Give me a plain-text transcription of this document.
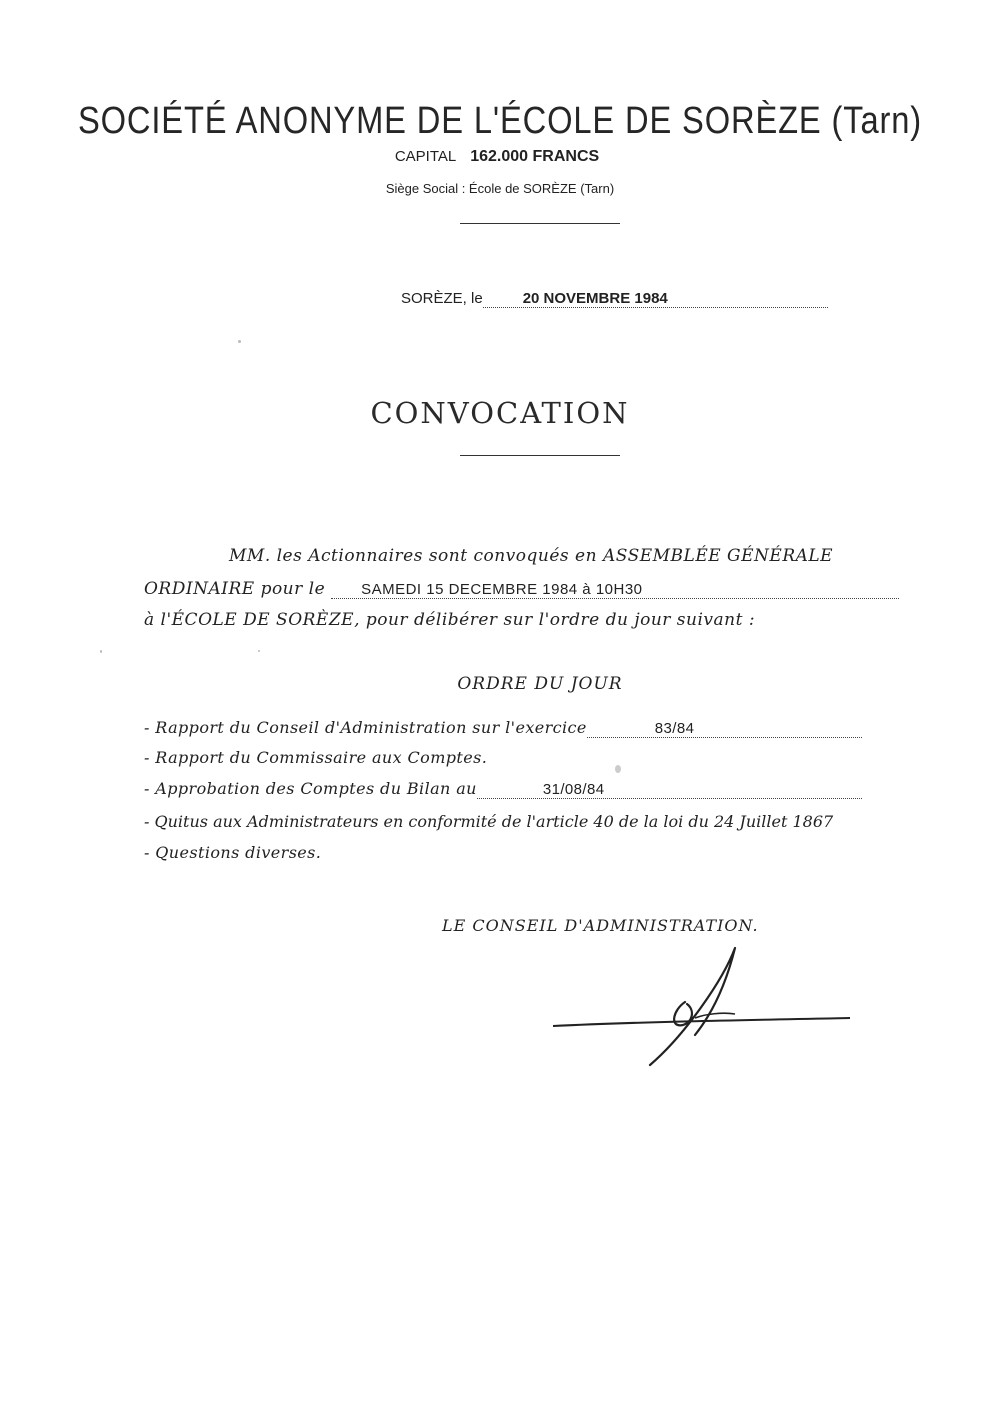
SOCIÉTÉ ANONYME DE L'ÉCOLE DE SORÈZE (Tarn)
CAPITAL 162.000 FRANCS
Siège Social : École de SORÈZE (Tarn)
SORÈZE, le	20 NOVEMBRE 1984
CONVOCATION
MM. les Actionnaires sont convoqués en ASSEMBLÉE GÉNÉRALE
ORDINAIRE pour le SAMEDI 15 DECEMBRE 1984 à 10H30
à l'ÉCOLE DE SORÈZE, pour délibérer sur l'ordre du jour suivant :
ORDRE DU JOUR
- Rapport du Conseil d'Administration sur l'exercice	83/84
- Rapport du Commissaire aux Comptes.
- Approbation des Comptes du Bilan au	31/08/84
- Quitus aux Administrateurs en conformité de l'article 40 de la loi du 24 Juillet 1867
- Questions diverses.
LE CONSEIL D'ADMINISTRATION.
